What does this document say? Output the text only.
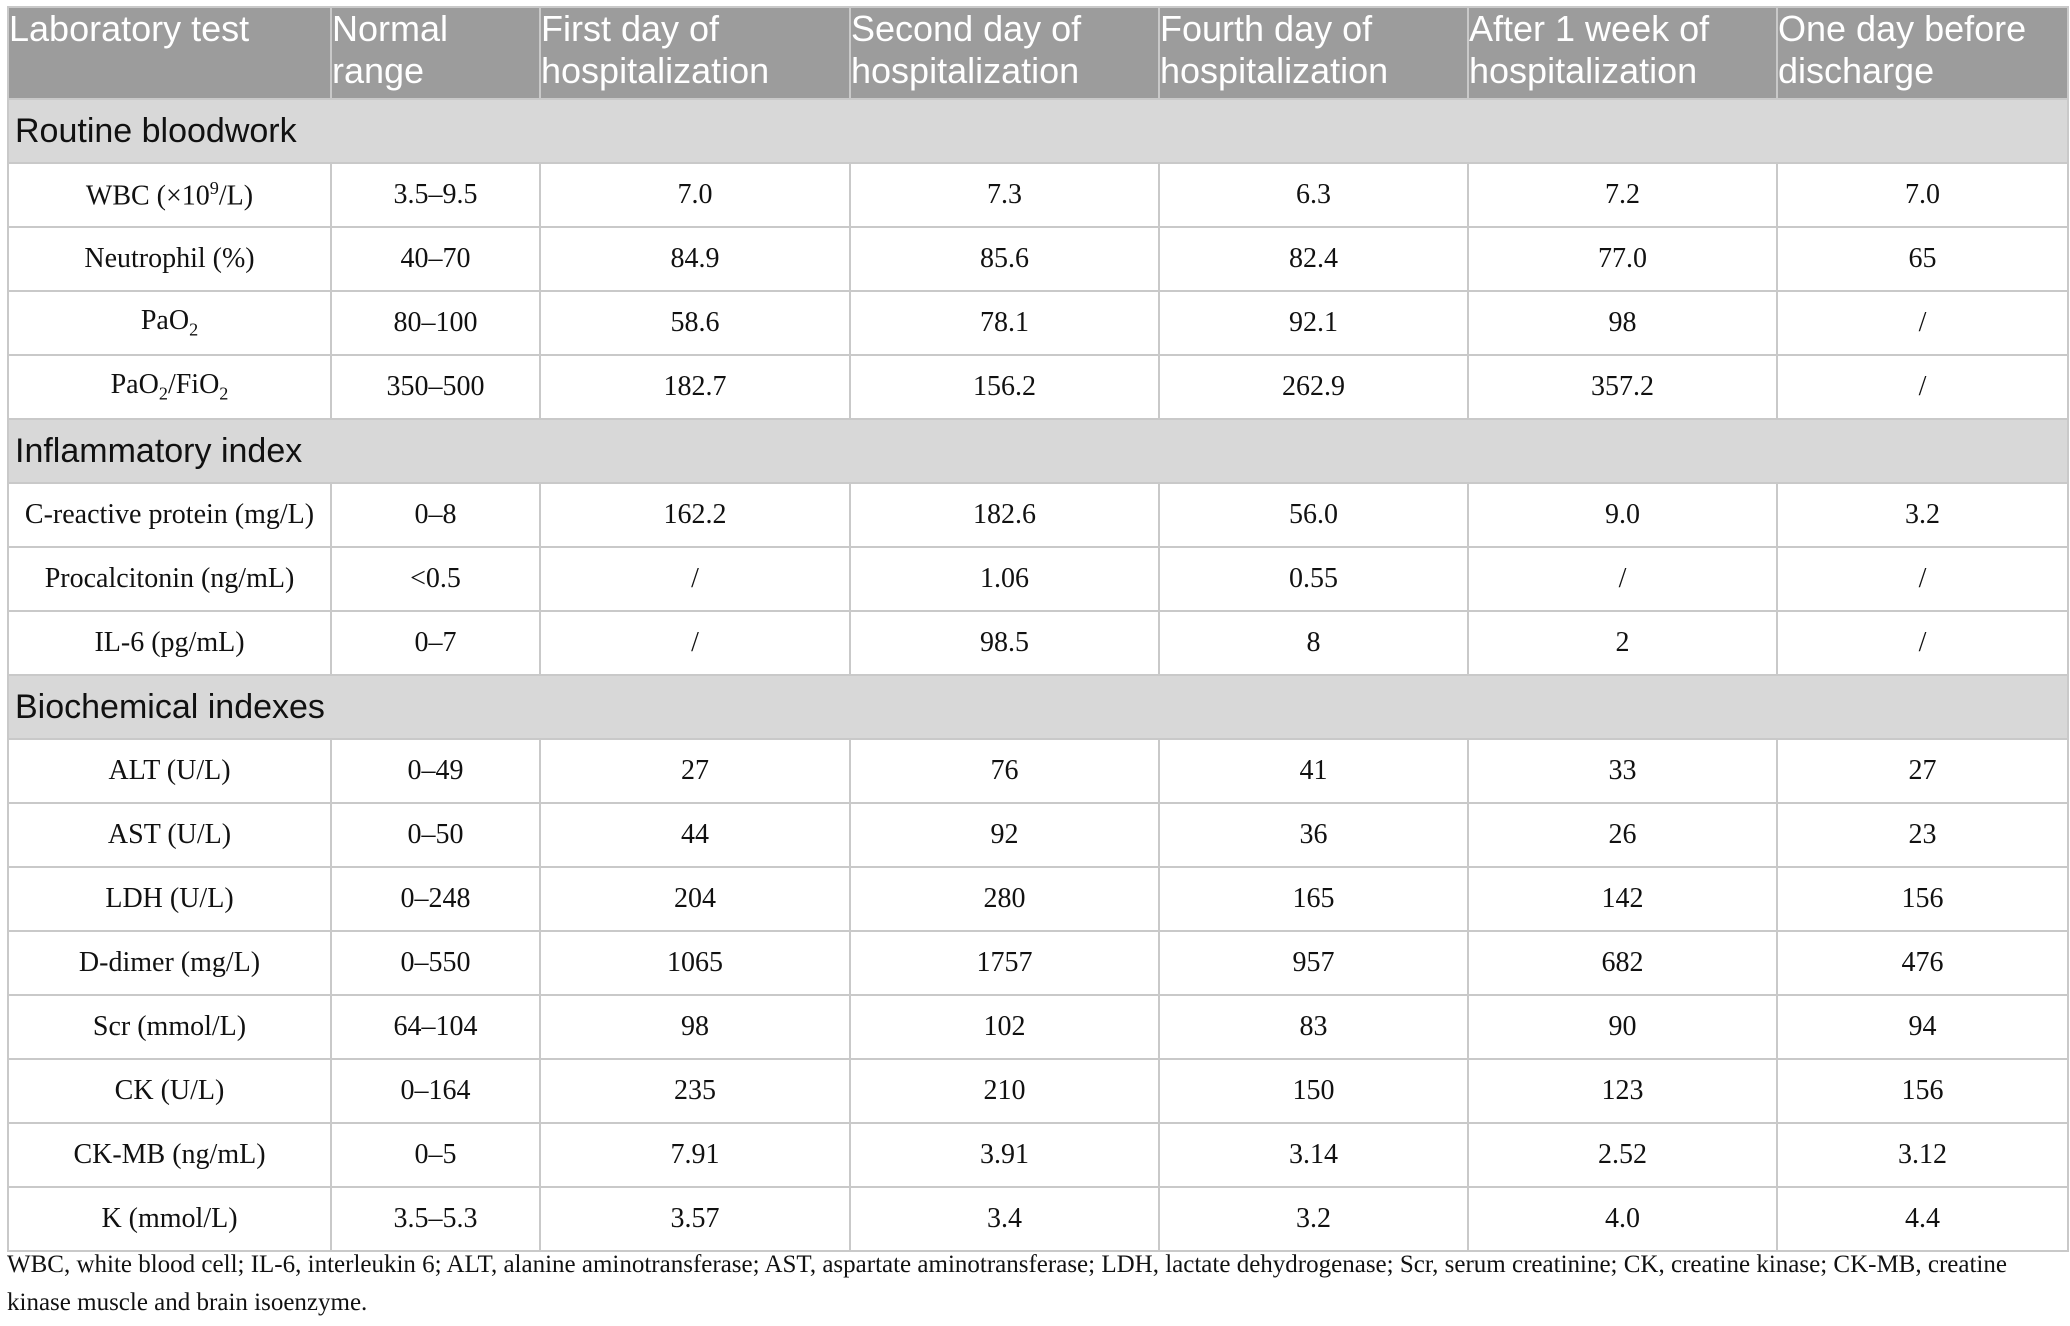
Laboratory test	Normal range	First day of hospitalization	Second day of hospitalization	Fourth day of hospitalization	After 1 week of hospitalization	One day before discharge
Routine bloodwork						
WBC $(\times 10^9/L)$	3.5–9.5	7.0	7.3	6.3	7.2	7.0
Neutrophil (%)	40–70	84.9	85.6	82.4	77.0	65
PaO$_2$	80–100	58.6	78.1	92.1	98	/
PaO$_2$/FiO$_2$	350–500	182.7	156.2	262.9	357.2	/
Inflammatory index						
C-reactive protein (mg/L)	0–8	162.2	182.6	56.0	9.0	3.2
Procalcitonin (ng/mL)	<0.5	/	1.06	0.55	/	/
IL-6 (pg/mL)	0–7	/	98.5	8	2	/
Biochemical indexes						
ALT (U/L)	0–49	27	76	41	33	27
AST (U/L)	0–50	44	92	36	26	23
LDH (U/L)	0–248	204	280	165	142	156
D-dimer (mg/L)	0–550	1065	1757	957	682	476
Scr (mmol/L)	64–104	98	102	83	90	94
CK (U/L)	0–164	235	210	150	123	156
CK-MB (ng/mL)	0–5	7.91	3.91	3.14	2.52	3.12
K (mmol/L)	3.5–5.3	3.57	3.4	3.2	4.0	4.4
WBC, white blood cell; IL-6, interleukin 6; ALT, alanine aminotransferase; AST, aspartate aminotransferase; LDH, lactate dehydrogenase; Scr, serum creatinine; CK, creatine kinase; CK-MB, creatine kinase muscle and brain isoenzyme.
